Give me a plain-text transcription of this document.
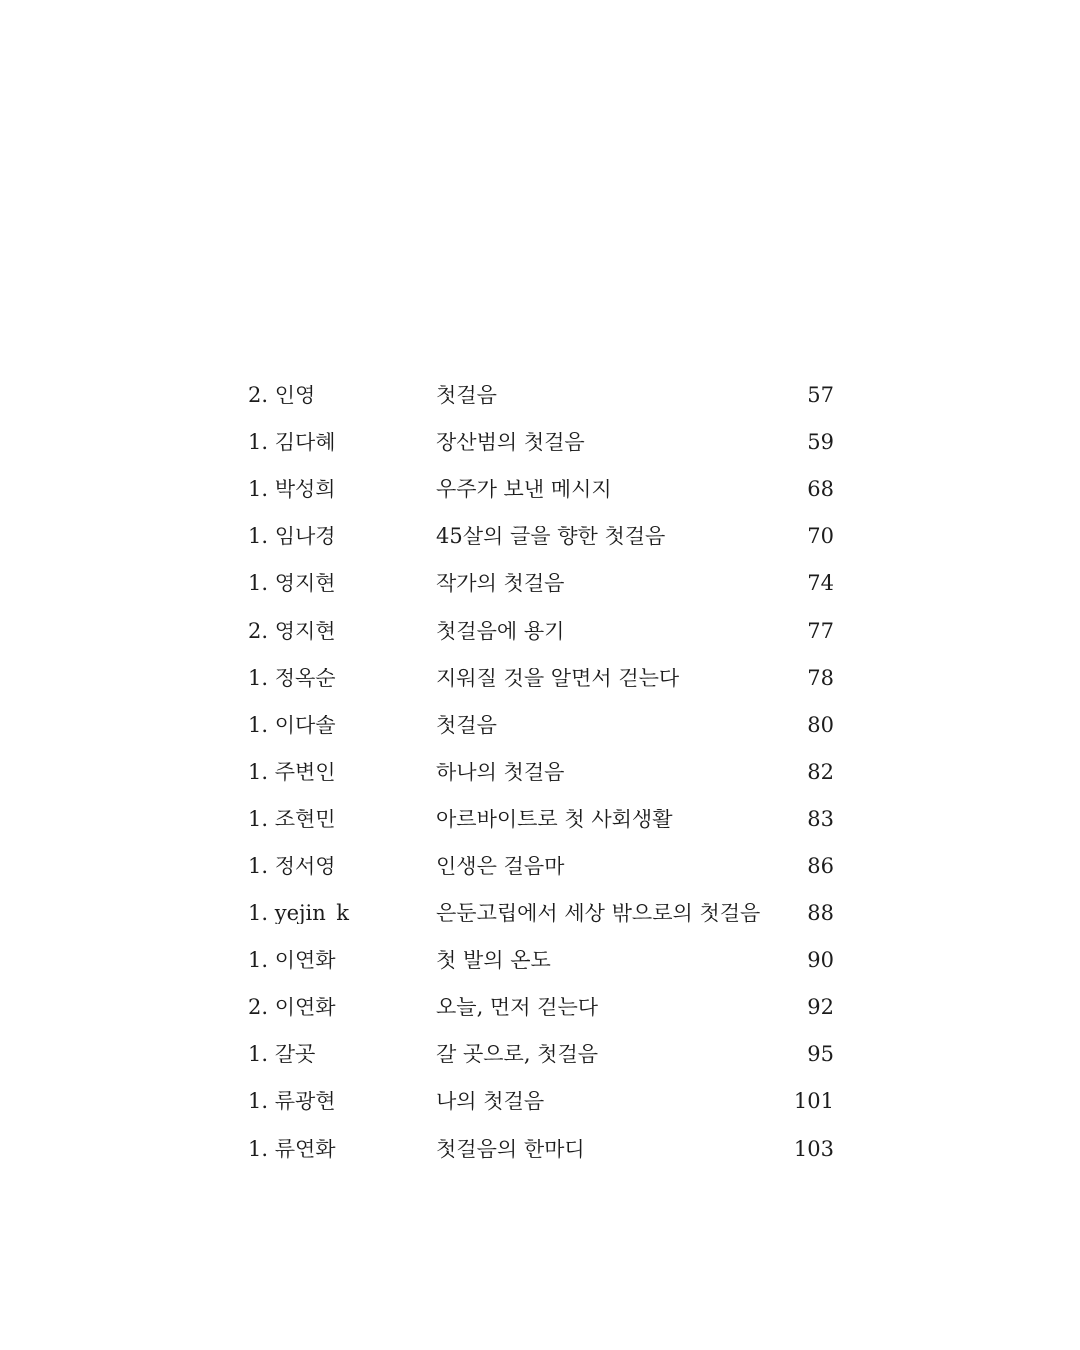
2. 인영	첫걸음	57
1. 김다혜	장산범의 첫걸음	59
1. 박성희	우주가 보낸 메시지	68
1. 임나경	45살의 글을 향한 첫걸음	70
1. 영지현	작가의 첫걸음	74
2. 영지현	첫걸음에 용기	77
1. 정옥순	지워질 것을 알면서 걷는다	78
1. 이다솔	첫걸음	80
1. 주변인	하나의 첫걸음	82
1. 조현민	아르바이트로 첫 사회생활	83
1. 정서영	인생은 걸음마	86
1. yejin_k	은둔고립에서 세상 밖으로의 첫걸음	88
1. 이연화	첫 발의 온도	90
2. 이연화	오늘, 먼저 걷는다	92
1. 갈곳	갈 곳으로, 첫걸음	95
1. 류광현	나의 첫걸음	101
1. 류연화	첫걸음의 한마디	103
